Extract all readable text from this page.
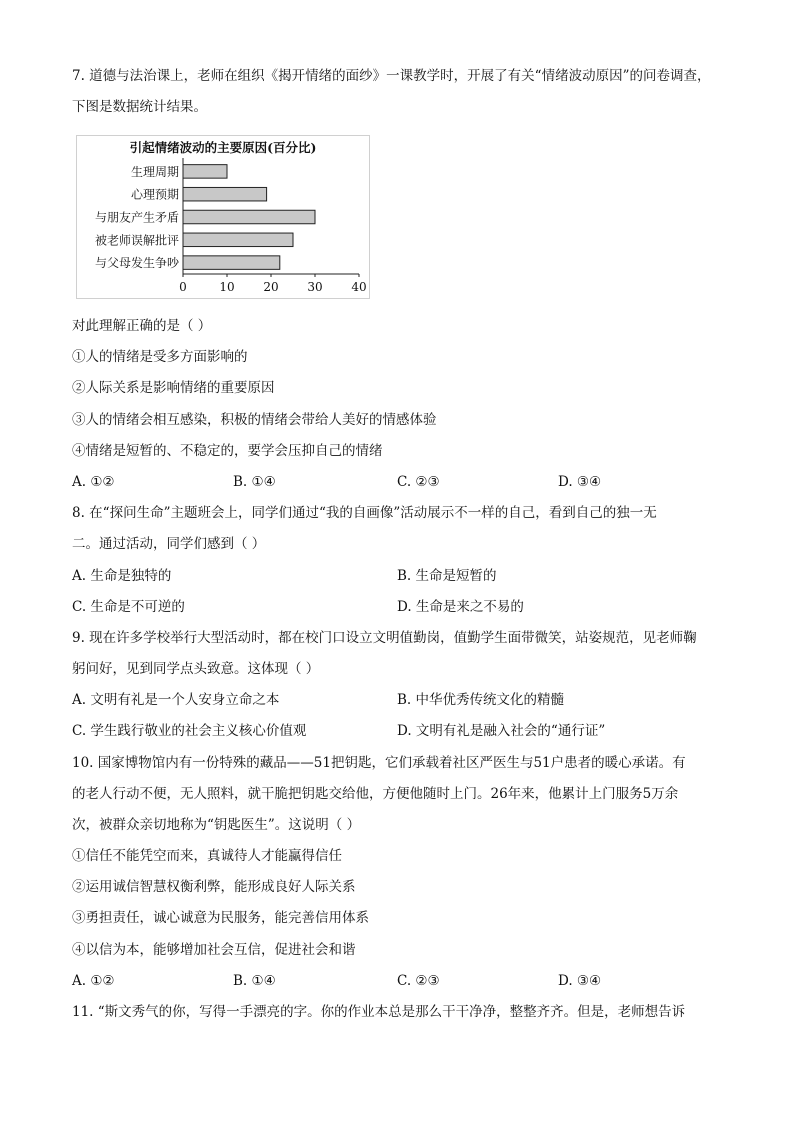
7. 道德与法治课上，老师在组织《揭开情绪的面纱》一课教学时，开展了有关“情绪波动原因”的问卷调查，
下图是数据统计结果。
引起情绪波动的主要原因(百分比)
生理周期
心理预期
与朋友产生矛盾
被老师误解批评
与父母发生争吵
0	10 20 30 40
对此理解正确的是（ ）
①人的情绪是受多方面影响的
②人际关系是影响情绪的重要原因
③人的情绪会相互感染，积极的情绪会带给人美好的情感体验
④情绪是短暂的、不稳定的，要学会压抑自己的情绪
A. ①②	B. ①④	C. ②③	D. ③④
8. 在“探问生命”主题班会上，同学们通过“我的自画像”活动展示不一样的自己，看到自己的独一无
二。通过活动，同学们感到（ ）
A. 生命是独特的	B. 生命是短暂的
C. 生命是不可逆的	D. 生命是来之不易的
9. 现在许多学校举行大型活动时，都在校门口设立文明值勤岗，值勤学生面带微笑，站姿规范，见老师鞠
躬问好，见到同学点头致意。这体现（ ）
A. 文明有礼是一个人安身立命之本	B. 中华优秀传统文化的精髓
C. 学生践行敬业的社会主义核心价值观	D. 文明有礼是融入社会的“通行证”
10. 国家博物馆内有一份特殊的藏品——51把钥匙，它们承载着社区严医生与51户患者的暖心承诺。有
的老人行动不便，无人照料，就干脆把钥匙交给他，方便他随时上门。26年来，他累计上门服务5万余
次，被群众亲切地称为“钥匙医生”。这说明（ ）
①信任不能凭空而来，真诚待人才能赢得信任
②运用诚信智慧权衡利弊，能形成良好人际关系
③勇担责任，诚心诚意为民服务，能完善信用体系
④以信为本，能够增加社会互信，促进社会和谐
A. ①②	B. ①④	C. ②③	D. ③④
11. “斯文秀气的你，写得一手漂亮的字。你的作业本总是那么干干净净，整整齐齐。但是，老师想告诉
